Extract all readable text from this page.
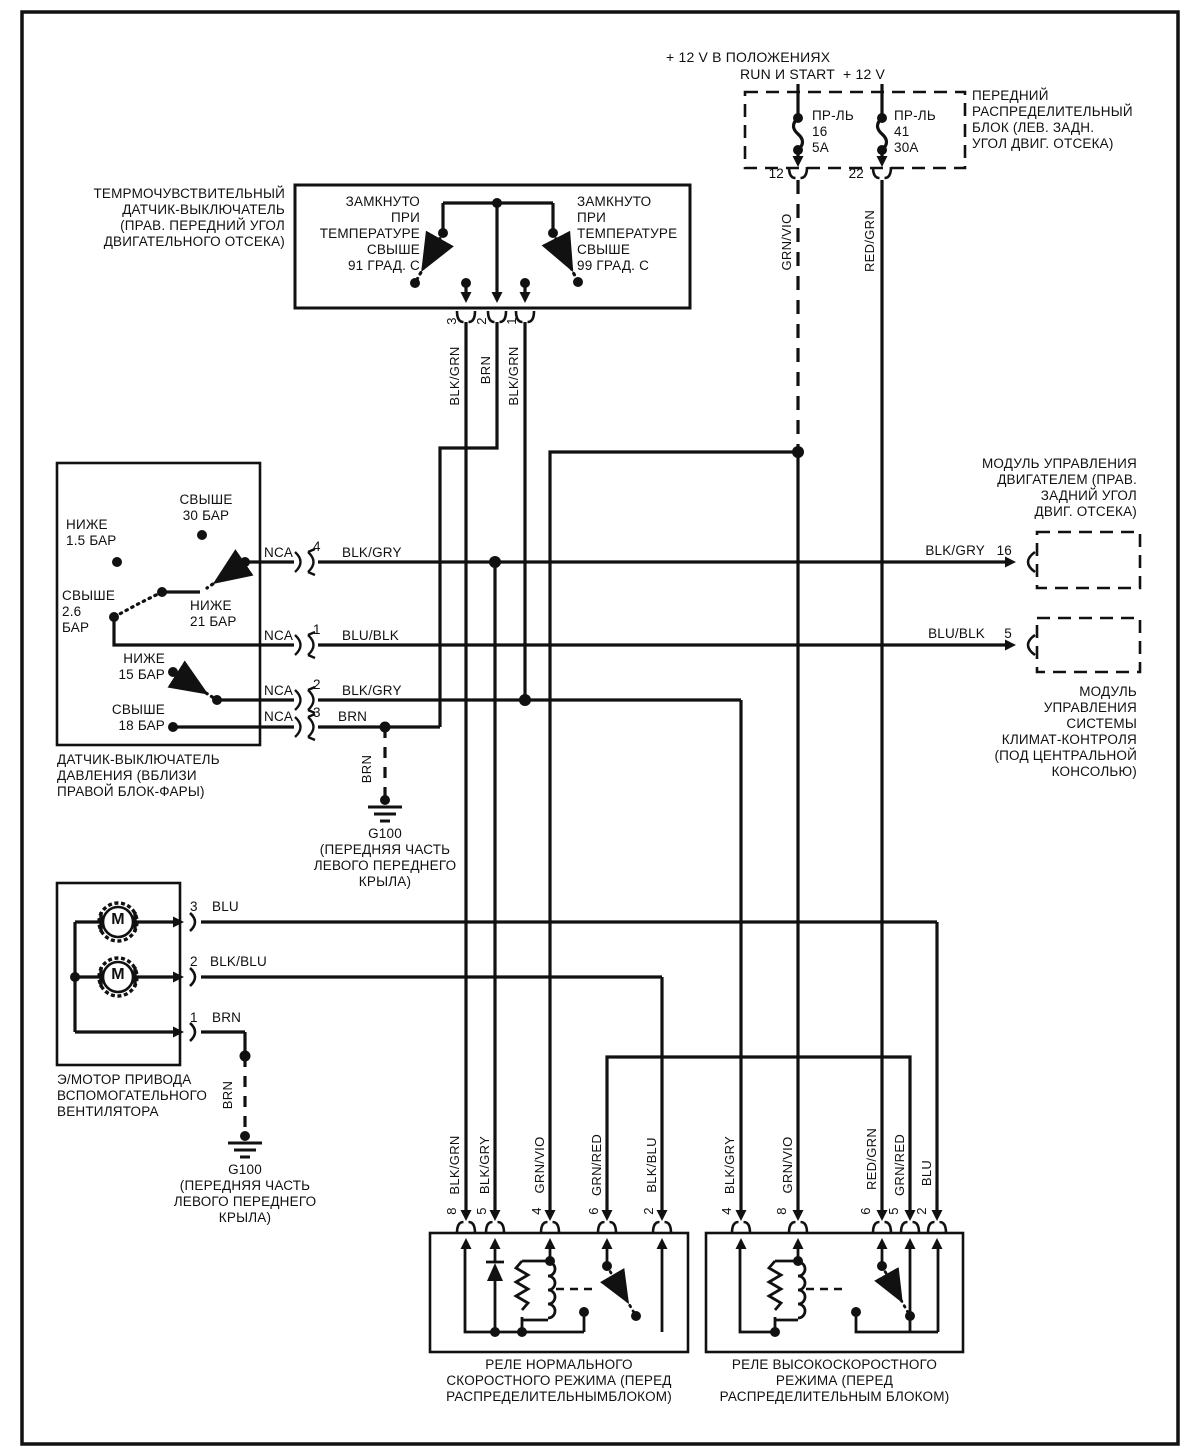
+ 12 V В ПОЛОЖЕНИЯХ
RUN И START + 12 V
ПЕРЕДНИЙ
РАСПРЕДЕЛИТЕЛЬНЫЙ
БЛОК (ЛЕВ. ЗАДН.
УГОЛ ДВИГ. ОТСЕКА)
ПР-ЛЬ
16
5А
ПР-ЛЬ
41
30А
12	22
GRN/VIO	RED/GRN
ТЕМРМОЧУВСТВИТЕЛЬНЫЙ
ДАТЧИК-ВЫКЛЮЧАТЕЛЬ
(ПРАВ. ПЕРЕДНИЙ УГОЛ
ДВИГАТЕЛЬНОГО ОТСЕКА)
ЗАМКНУТО
ПРИ
ТЕМПЕРАТУРЕ
СВЫШЕ
91 ГРАД. С
ЗАМКНУТО
ПРИ
ТЕМПЕРАТУРЕ
СВЫШЕ
99 ГРАД. С
3 2 1
BLK/GRN BRN BLK/GRN
СВЫШЕ
30 БАР
НИЖЕ
1.5 БАР
СВЫШЕ
2.6
БАР
НИЖЕ
21 БАР
НИЖЕ
15 БАР
СВЫШЕ
18 БАР
ДАТЧИК-ВЫКЛЮЧАТЕЛЬ
ДАВЛЕНИЯ (ВБЛИЗИ
ПРАВОЙ БЛОК-ФАРЫ)
NCA 4 BLK/GRY
NCA 1 BLU/BLK
NCA 2 BLK/GRY
NCA 3 BRN
BLK/GRY 16
МОДУЛЬ УПРАВЛЕНИЯ
ДВИГАТЕЛЕМ (ПРАВ.
ЗАДНИЙ УГОЛ
ДВИГ. ОТСЕКА)
BLU/BLK	5
МОДУЛЬ
УПРАВЛЕНИЯ
СИСТЕМЫ
КЛИМАТ-КОНТРОЛЯ
(ПОД ЦЕНТРАЛЬНОЙ
КОНСОЛЬЮ)
BRN
G100
(ПЕРЕДНЯЯ ЧАСТЬ
ЛЕВОГО ПЕРЕДНЕГО
КРЫЛА)
M
M
3 BLU
2 BLK/BLU
1 BRN
Э/МОТОР ПРИВОДА
ВСПОМОГАТЕЛЬНОГО
ВЕНТИЛЯТОРА
BRN
G100
(ПЕРЕДНЯЯ ЧАСТЬ
ЛЕВОГО ПЕРЕДНЕГО
КРЫЛА)
BLK/GRN BLK/GRY	GRN/VIO	GRN/RED	BLK/BLU
8 5	4	6	2
BLK/GRY	GRN/VIO	RED/GRN GRN/RED BLU
4	8	6 5 2
РЕЛЕ НОРМАЛЬНОГО
СКОРОСТНОГО РЕЖИМА (ПЕРЕД
РАСПРЕДЕЛИТЕЛЬНЫМБЛОКОМ)
РЕЛЕ ВЫСОКОСКОРОСТНОГО
РЕЖИМА (ПЕРЕД
РАСПРЕДЕЛИТЕЛЬНЫМ БЛОКОМ)
